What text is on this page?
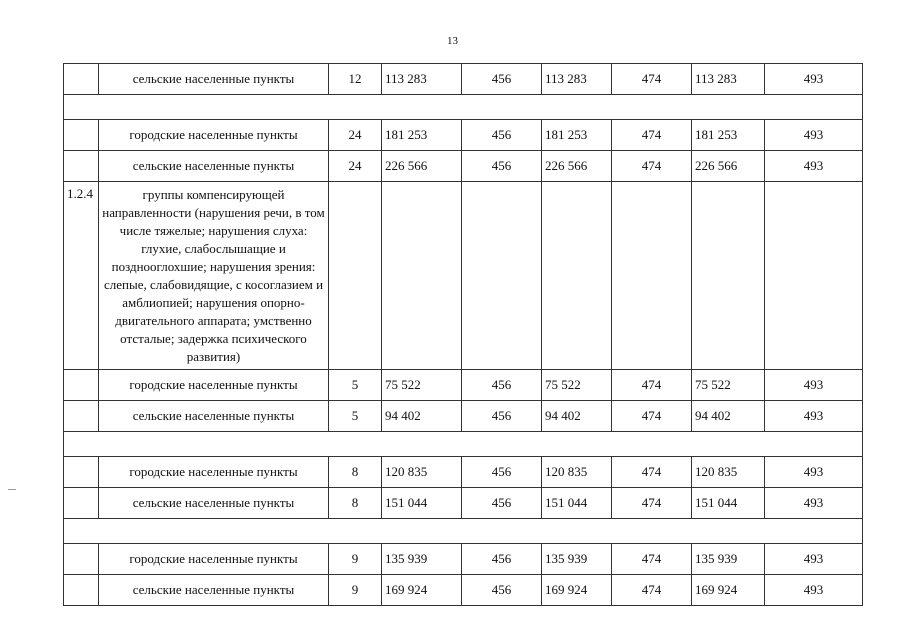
13
	сельские населенные пункты	12	113 283	456	113 283	474	113 283	493

	городские населенные пункты	24	181 253	456	181 253	474	181 253	493
	сельские населенные пункты	24	226 566	456	226 566	474	226 566	493
1.2.4	группы компенсирующей направленности (нарушения речи, в том числе тяжелые; нарушения слуха: глухие, слабослышащие и позднооглохшие; нарушения зрения: слепые, слабовидящие, с косоглазием и амблиопией; нарушения опорно-двигательного аппарата; умственно отсталые; задержка психического развития)							
	городские населенные пункты	5	75 522	456	75 522	474	75 522	493
	сельские населенные пункты	5	94 402	456	94 402	474	94 402	493

	городские населенные пункты	8	120 835	456	120 835	474	120 835	493
	сельские населенные пункты	8	151 044	456	151 044	474	151 044	493

	городские населенные пункты	9	135 939	456	135 939	474	135 939	493
	сельские населенные пункты	9	169 924	456	169 924	474	169 924	493
